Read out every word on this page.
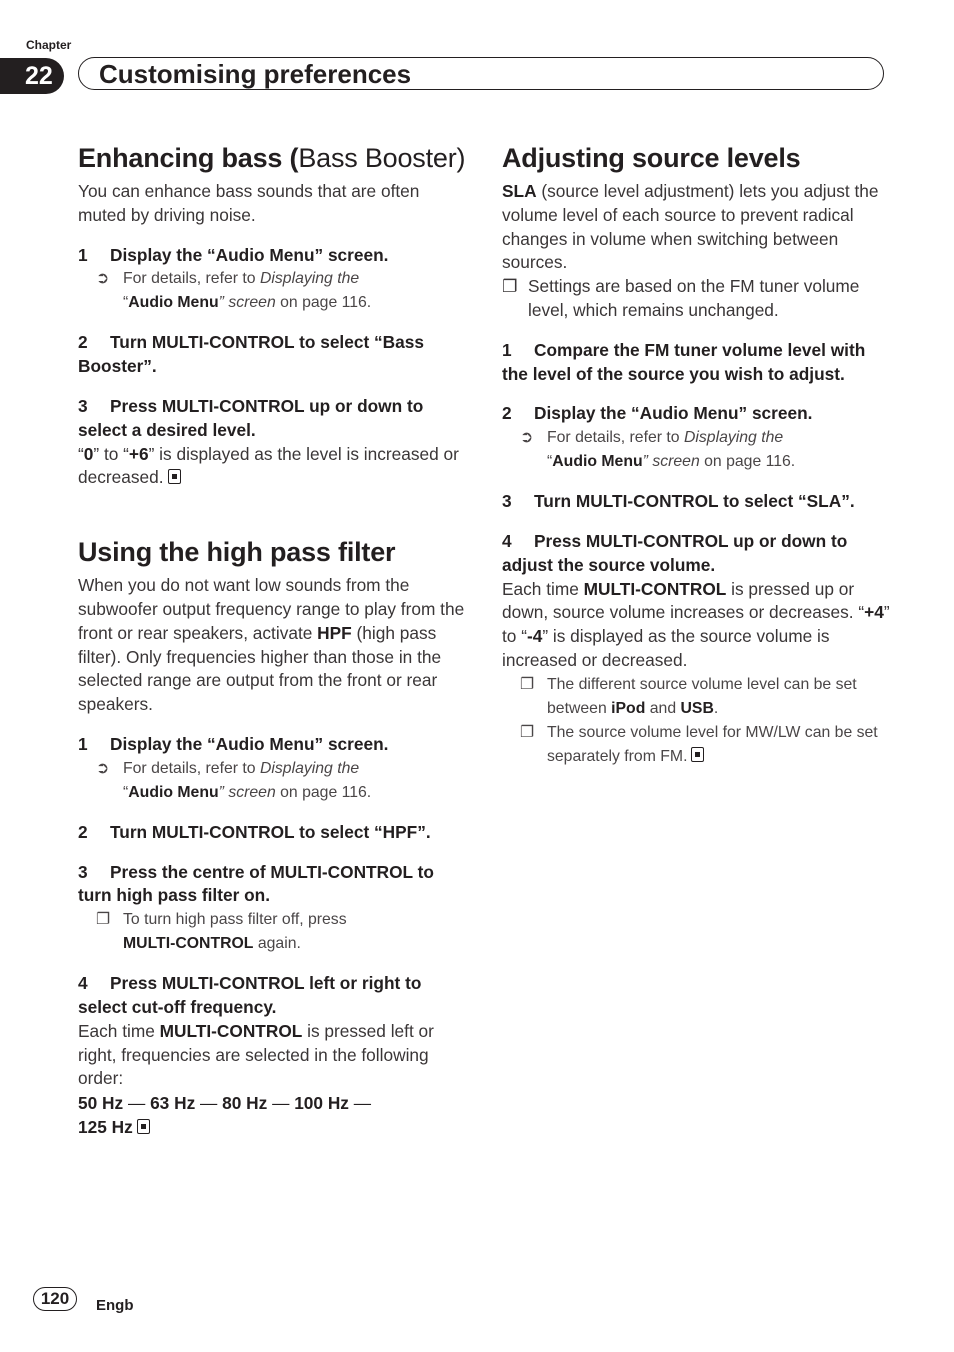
Chapter
22	Customising preferences
Enhancing bass (Bass Booster)

You can enhance bass sounds that are often muted by driving noise.

1 Display the “Audio Menu” screen.
➲ For details, refer to Displaying the
“Audio Menu” screen on page 116.
2 Turn MULTI-CONTROL to select “Bass Booster”.
3 Press MULTI-CONTROL up or down to select a desired level.

“0” to “+6” is displayed as the level is increased or decreased.

Using the high pass filter

When you do not want low sounds from the subwoofer output frequency range to play from the front or rear speakers, activate HPF (high pass filter). Only frequencies higher than those in the selected range are output from the front or rear speakers.

1 Display the “Audio Menu” screen.
➲ For details, refer to Displaying the
“Audio Menu” screen on page 116.
2 Turn MULTI-CONTROL to select “HPF”.
3 Press the centre of MULTI-CONTROL to turn high pass filter on.
❐ To turn high pass filter off, press
MULTI-CONTROL again.
4 Press MULTI-CONTROL left or right to select cut-off frequency.

Each time MULTI-CONTROL is pressed left or right, frequencies are selected in the following order:

50 Hz — 63 Hz — 80 Hz — 100 Hz —
125 Hz
Adjusting source levels

SLA (source level adjustment) lets you adjust the volume level of each source to prevent radical changes in volume when switching between sources.

❐ Settings are based on the FM tuner volume level, which remains unchanged.
1 Compare the FM tuner volume level with the level of the source you wish to adjust.
2 Display the “Audio Menu” screen.
➲ For details, refer to Displaying the
“Audio Menu” screen on page 116.
3 Turn MULTI-CONTROL to select “SLA”.
4 Press MULTI-CONTROL up or down to adjust the source volume.

Each time MULTI-CONTROL is pressed up or down, source volume increases or decreases. “+4” to “-4” is displayed as the source volume is increased or decreased.

❐ The different source volume level can be set between iPod and USB.
❐ The source volume level for MW/LW can be set separately from FM.
120	Engb
